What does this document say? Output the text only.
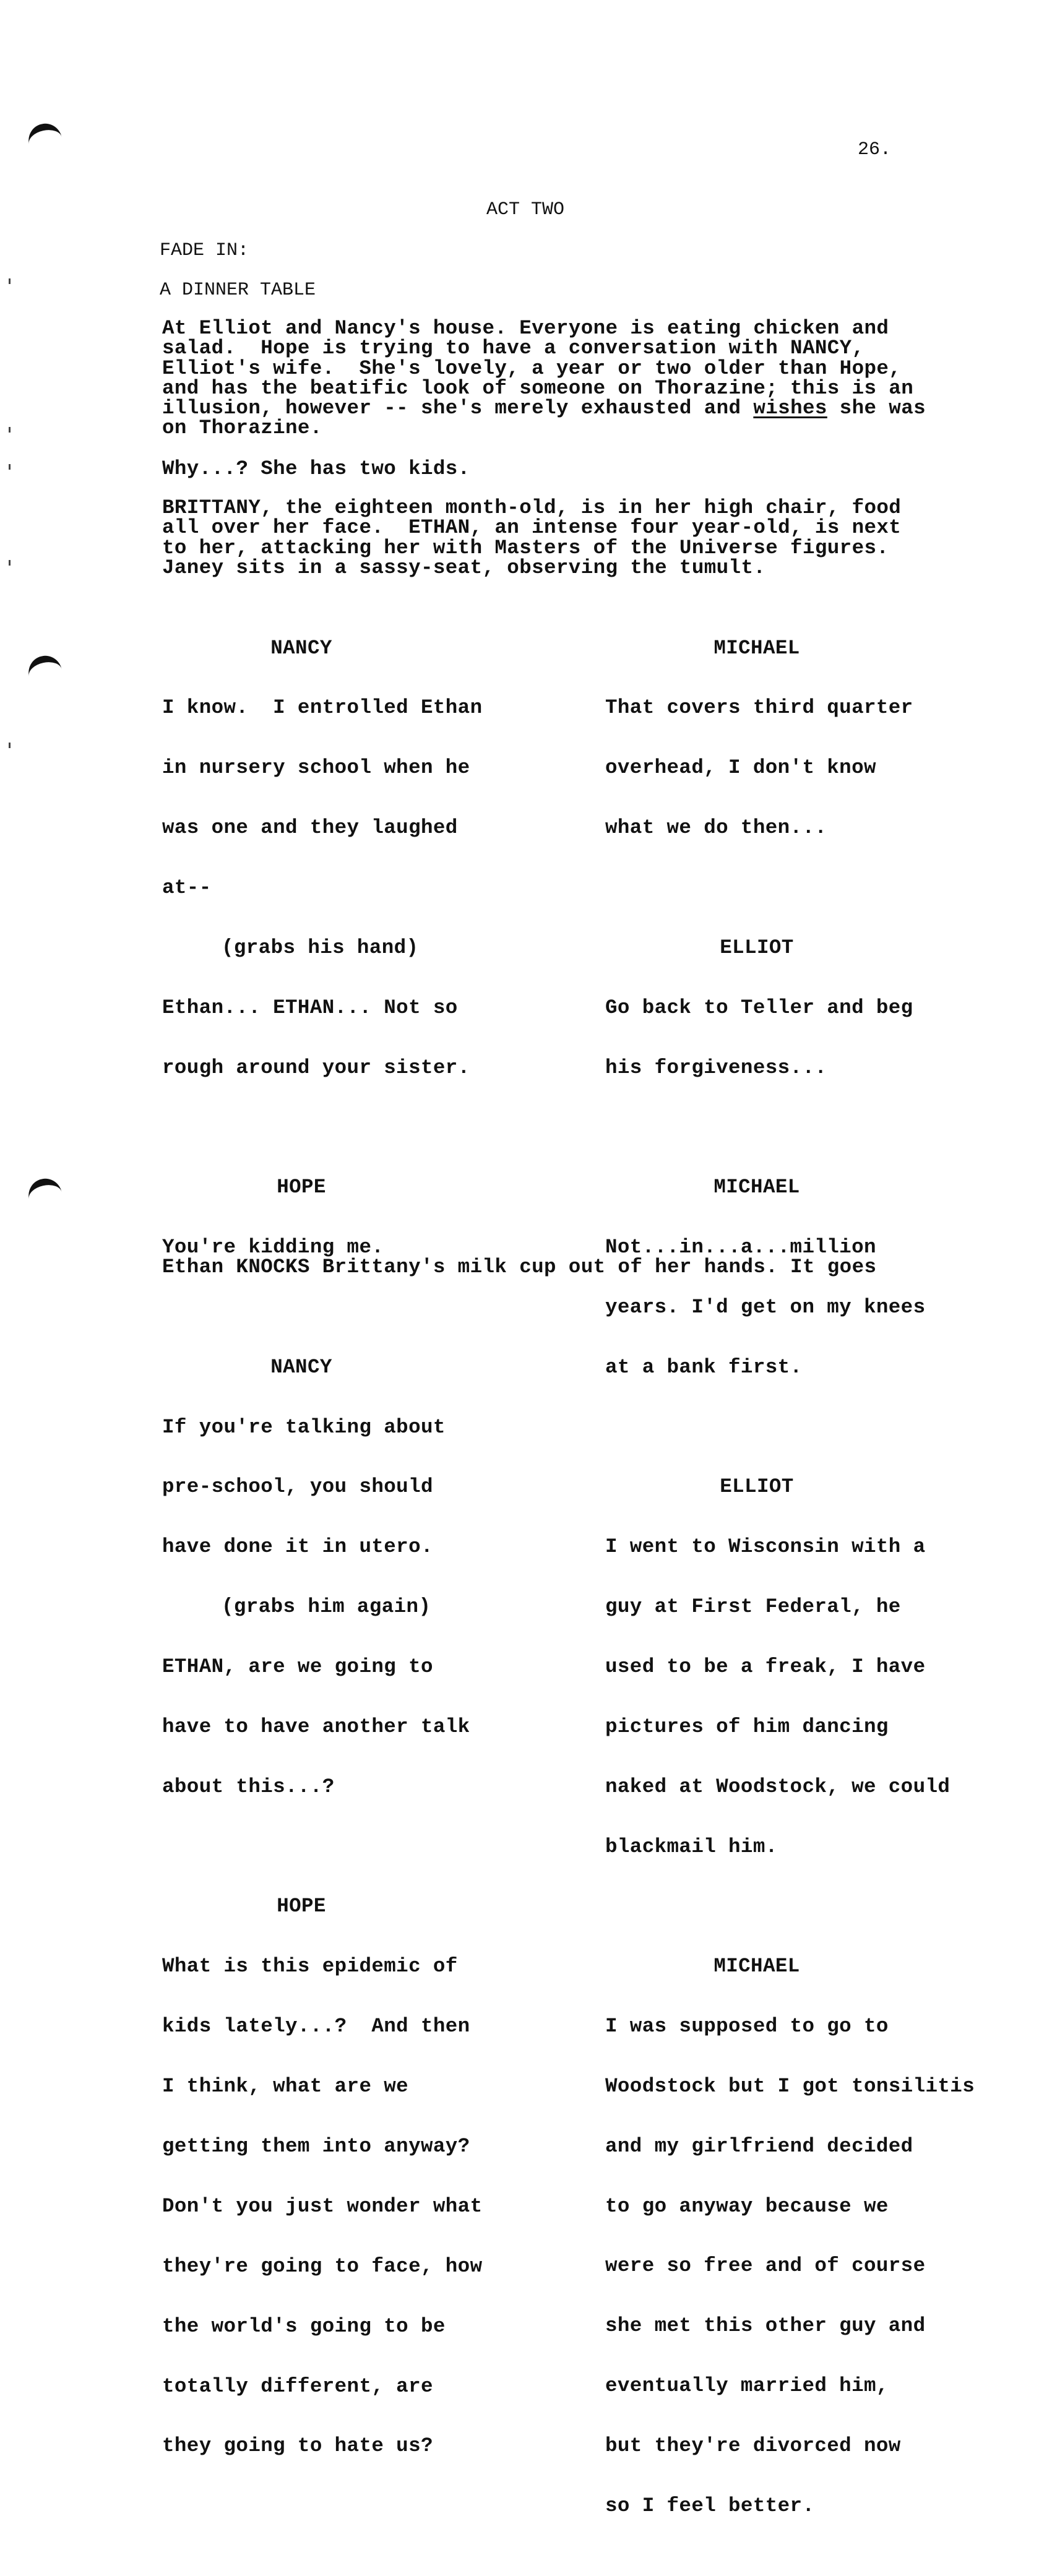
26.
ACT TWO
FADE IN:
A DINNER TABLE
At Elliot and Nancy's house. Everyone is eating chicken and
salad.  Hope is trying to have a conversation with NANCY,
Elliot's wife.  She's lovely, a year or two older than Hope,
and has the beatific look of someone on Thorazine; this is an
illusion, however -- she's merely exhausted and wishes she was
on Thorazine.
Why...? She has two kids.
BRITTANY, the eighteen month-old, is in her high chair, food
all over her face.  ETHAN, an intense four year-old, is next
to her, attacking her with Masters of the Universe figures.
Janey sits in a sassy-seat, observing the tumult.

NANCY

I know.  I entrolled Ethan

in nursery school when he

was one and they laughed

at--

(grabs his hand)

Ethan... ETHAN... Not so

rough around your sister.

HOPE

You're kidding me.

NANCY

If you're talking about

pre-school, you should

have done it in utero.

(grabs him again)

ETHAN, are we going to

have to have another talk

about this...?

HOPE

What is this epidemic of

kids lately...?  And then

I think, what are we

getting them into anyway?

Don't you just wonder what

they're going to face, how

the world's going to be

totally different, are

they going to hate us?

MICHAEL

That covers third quarter

overhead, I don't know

what we do then...

ELLIOT

Go back to Teller and beg

his forgiveness...

MICHAEL

Not...in...a...million

years. I'd get on my knees

at a bank first.

ELLIOT

I went to Wisconsin with a

guy at First Federal, he

used to be a freak, I have

pictures of him dancing

naked at Woodstock, we could

blackmail him.

MICHAEL

I was supposed to go to

Woodstock but I got tonsilitis

and my girlfriend decided

to go anyway because we

were so free and of course

she met this other guy and

eventually married him,

but they're divorced now

so I feel better.

Ethan KNOCKS Brittany's milk cup out of her hands. It goes
